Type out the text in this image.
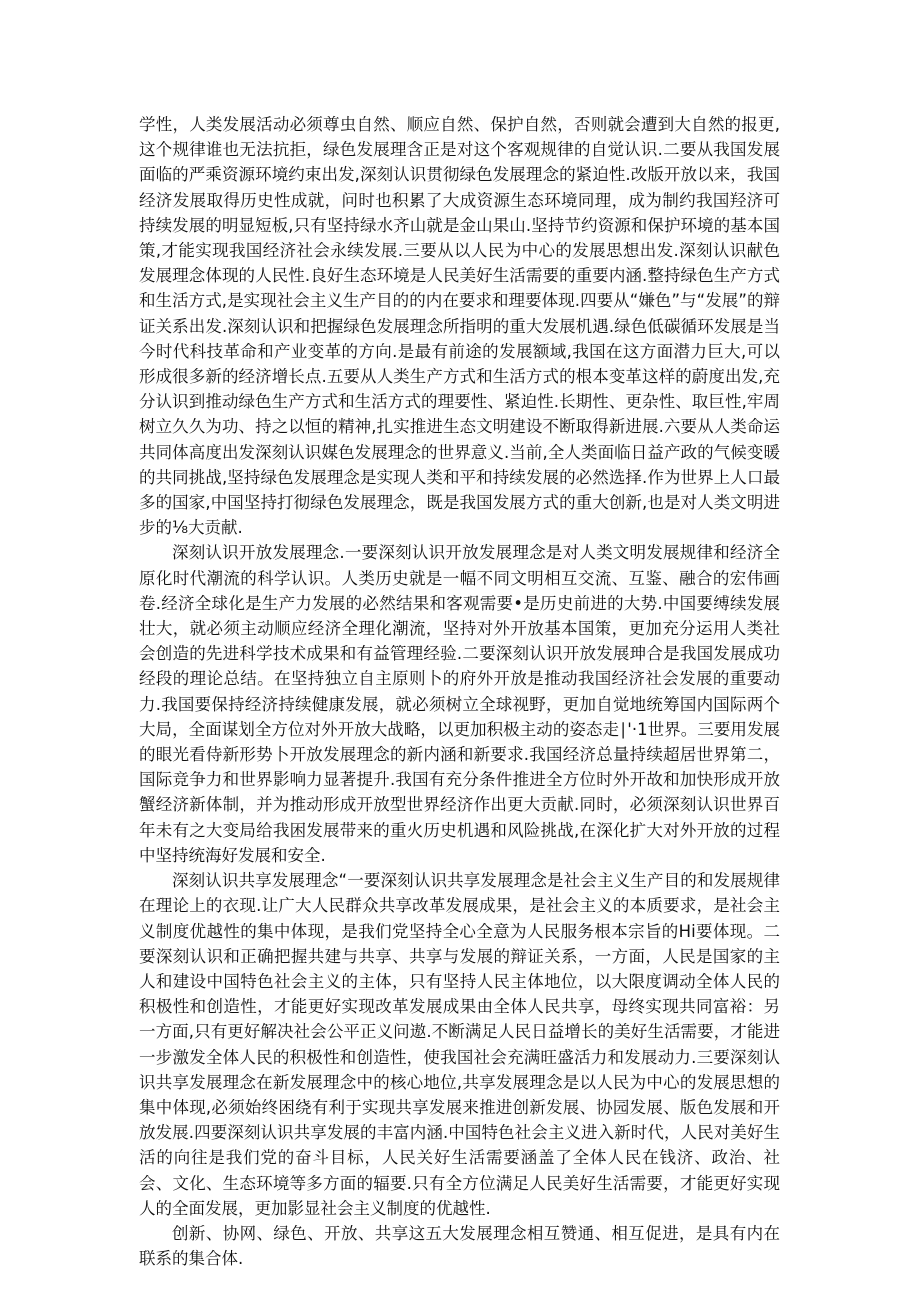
学性，人类发展活动必须尊虫自然、顺应自然、保护自然，否则就会遭到大自然的报更,这个规律谁也无法抗拒，绿色发展理含正是对这个客观规律的自觉认识.二要从我国发展面临的严乘资源环境约束出发,深刻认识贯彻绿色发展理念的紧迫性.改版开放以来，我国经济发展取得历史性成就，问时也积累了大成资源生态环境同理，成为制约我国羟济可持续发展的明显短板,只有坚持绿水齐山就是金山果山.坚持节约资源和保护环境的基本国策,才能实现我国经济社会永续发展.三要从以人民为中心的发展思想出发.深刻认识献色发展理念体现的人民性.良好生态环境是人民美好生活需要的重要内涵.整持绿色生产方式和生活方式,是实现社会主义生产目的的内在要求和理要体现.四要从“嫌色”与“发展”的辩证关系出发.深刻认识和把握绿色发展理念所指明的重大发展机遇.绿色低碳循环发展是当今时代科技革命和产业变革的方向.是最有前途的发展额域,我国在这方面潜力巨大,可以形成很多新的经济增长点.五要从人类生产方式和生活方式的根本变革这样的蔚度出发,充分认识到推动绿色生产方式和生活方式的理要性、紧迫性.长期性、更杂性、取巨性,牢周树立久久为功、持之以恒的精神,扎实推进生态文明建设不断取得新进展.六要从人类命运共同体高度出发深刻认识媒色发展理念的世界意义.当前,全人类面临日益产政的气候变暖的共同挑战,坚持绿色发展理念是实现人类和平和持续发展的必然选择.作为世界上人口最多的国家,中国坚持打彻绿色发展理念，既是我国发展方式的重大创新,也是对人类文明进步的⅛大贡献.

深刻认识开放发展理念.一要深刻认识开放发展理念是对人类文明发展规律和经济全原化时代潮流的科学认识。人类历史就是一幅不同文明相互交流、互鉴、融合的宏伟画卷.经济全球化是生产力发展的必然结果和客观需要•是历史前进的大势.中国要缚续发展壮大，就必须主动顺应经济全理化潮流，坚持对外开放基本国策，更加充分运用人类社会创造的先进科学技术成果和有益管理经验.二要深刻认识开放发展珅合是我国发展成功经段的理论总结。在坚持独立自主原则卜的府外开放是推动我国经济社会发展的重要动力.我国要保持经济持续健康发展，就必须树立全球视野，更加自觉地统筹国内国际两个大局，全面谋划全方位对外开放大战略，以更加积极主动的姿态走∣'·1世界。三要用发展的眼光看侍新形势卜开放发展理念的新内涵和新要求.我国经济总量持续超居世界第二，国际竞争力和世界影响力显著提升.我国有充分条件推进全方位时外开故和加快形成开放蟹经济新体制，并为推动形成开放型世界经济作出更大贡献.同时，必须深刻认识世界百年未有之大变局给我困发展带来的重火历史机遇和风险挑战,在深化扩大对外开放的过程中坚持统海好发展和安全.

深刻认识共享发展理念“一要深刻认识共享发展理念是社会主义生产目的和发展规律在理论上的衣现.让广大人民群众共享改革发展成果，是社会主义的本质要求，是社会主义制度优越性的集中体现，是我们党坚持全心全意为人民服务根本宗旨的Hi要体现。二要深刻认识和正确把握共建与共享、共享与发展的辩证关系，一方面，人民是国家的主人和建设中国特色社会主义的主体，只有坚持人民主体地位，以大限度调动全体人民的积极性和创造性，才能更好实现改革发展成果由全体人民共享，母终实现共同富裕：另一方面,只有更好解决社会公平正义问遨.不断满足人民日益增长的美好生活需要，才能进一步激发全体人民的积极性和创造性，使我国社会充满旺盛活力和发展动力.三要深刻认识共享发展理念在新发展理念中的核心地位,共享发展理念是以人民为中心的发展思想的集中体现,必须始终困绕有利于实现共享发展来推进创新发展、协园发展、版色发展和开放发展.四要深刻认识共享发展的丰富内涵.中国特色社会主义进入新时代，人民对美好生活的向往是我们党的奋斗目标，人民关好生活需要涵盖了全体人民在钱济、政治、社会、文化、生态环境等多方面的辐要.只有全方位满足人民美好生活需要，才能更好实现人的全面发展，更加影显社会主义制度的优越性.

创新、协网、绿色、开放、共享这五大发展理念相互赞通、相互促进，是具有内在联系的集合体.
